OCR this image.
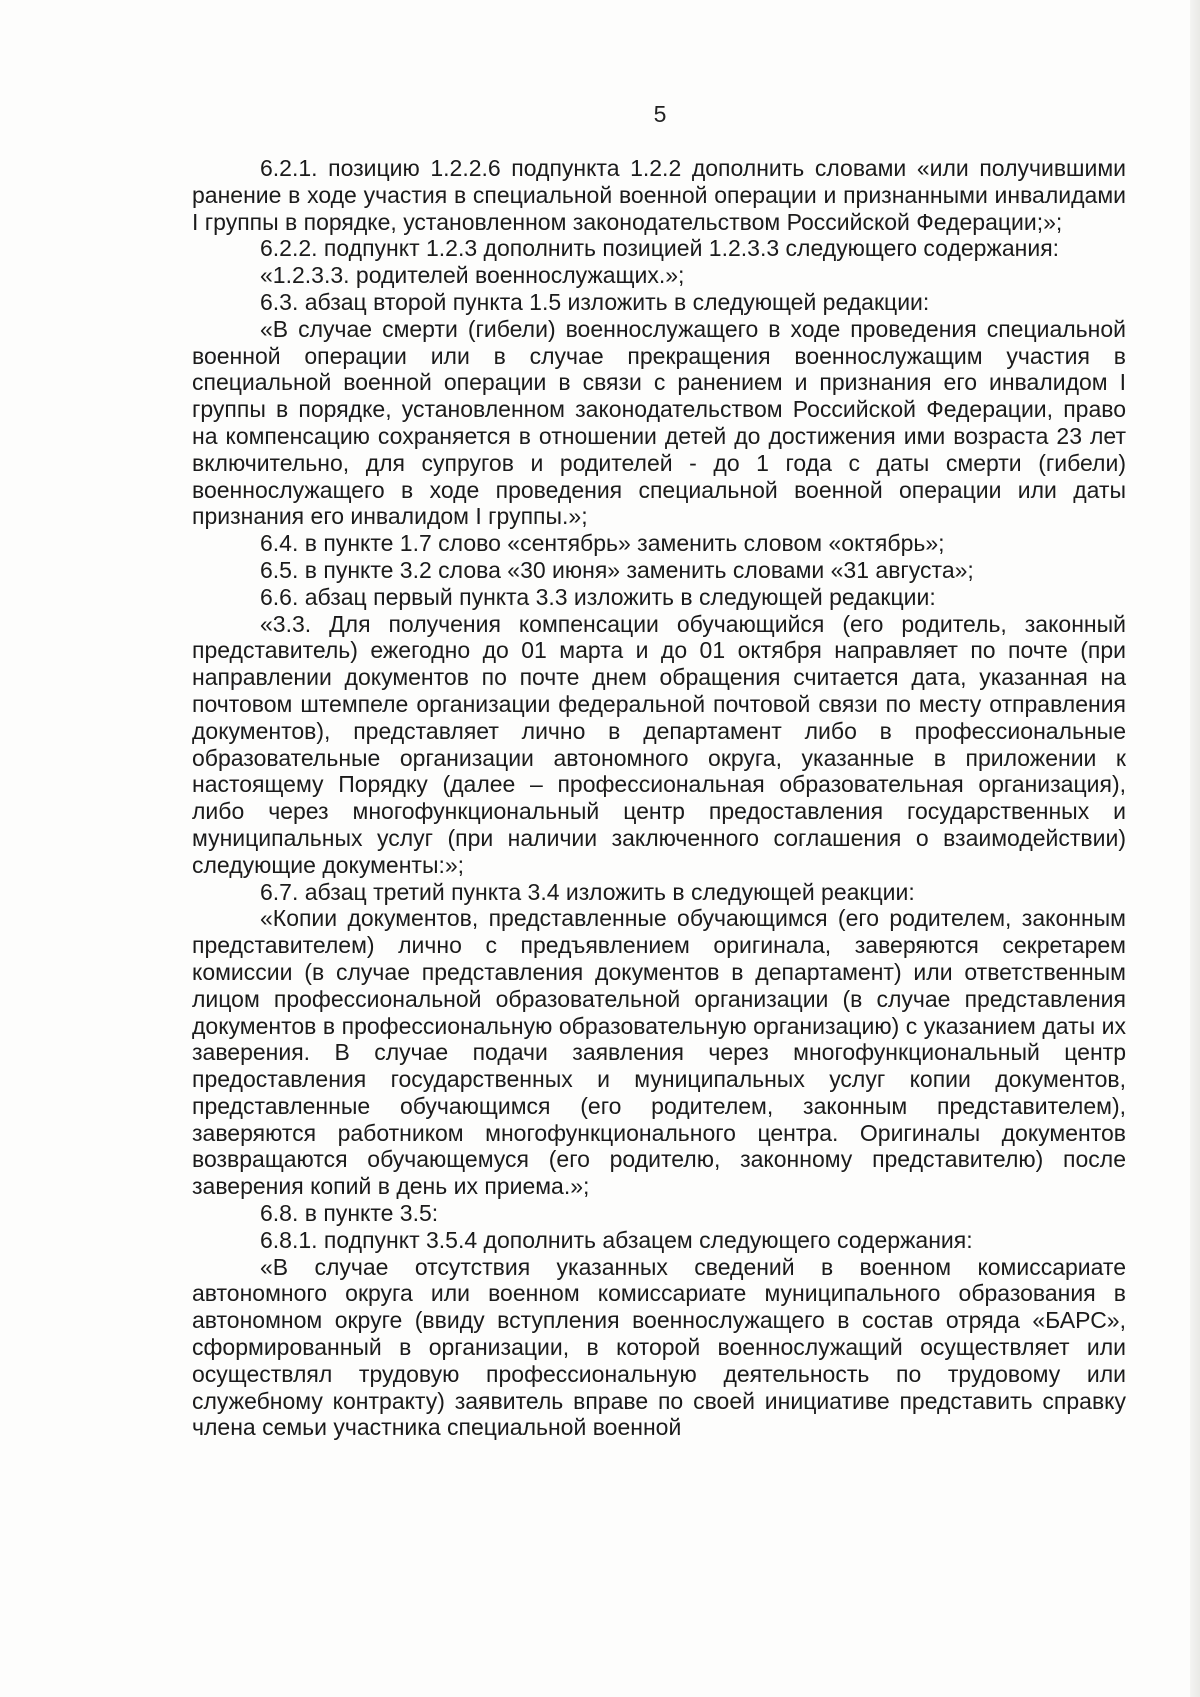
5

6.2.1. позицию 1.2.2.6 подпункта 1.2.2 дополнить словами «или получившими ранение в ходе участия в специальной военной операции и признанными инвалидами I группы в порядке, установленном законодательством Российской Федерации;»;

6.2.2. подпункт 1.2.3 дополнить позицией 1.2.3.3 следующего содержания:

«1.2.3.3. родителей военнослужащих.»;

6.3. абзац второй пункта 1.5 изложить в следующей редакции:

«В случае смерти (гибели) военнослужащего в ходе проведения специальной военной операции или в случае прекращения военнослужащим участия в специальной военной операции в связи с ранением и признания его инвалидом I группы в порядке, установленном законодательством Российской Федерации, право на компенсацию сохраняется в отношении детей до достижения ими возраста 23 лет включительно, для супругов и родителей - до 1 года с даты смерти (гибели) военнослужащего в ходе проведения специальной военной операции или даты признания его инвалидом I группы.»;

6.4. в пункте 1.7 слово «сентябрь» заменить словом «октябрь»;

6.5. в пункте 3.2 слова «30 июня» заменить словами «31 августа»;

6.6. абзац первый пункта 3.3 изложить в следующей редакции:

«3.3. Для получения компенсации обучающийся (его родитель, законный представитель) ежегодно до 01 марта и до 01 октября направляет по почте (при направлении документов по почте днем обращения считается дата, указанная на почтовом штемпеле организации федеральной почтовой связи по месту отправления документов), представляет лично в департамент либо в профессиональные образовательные организации автономного округа, указанные в приложении к настоящему Порядку (далее – профессиональная образовательная организация), либо через многофункциональный центр предоставления государственных и муниципальных услуг (при наличии заключенного соглашения о взаимодействии) следующие документы:»;

6.7. абзац третий пункта 3.4 изложить в следующей реакции:

«Копии документов, представленные обучающимся (его родителем, законным представителем) лично с предъявлением оригинала, заверяются секретарем комиссии (в случае представления документов в департамент) или ответственным лицом профессиональной образовательной организации (в случае представления документов в профессиональную образовательную организацию) с указанием даты их заверения. В случае подачи заявления через многофункциональный центр предоставления государственных и муниципальных услуг копии документов, представленные обучающимся (его родителем, законным представителем), заверяются работником многофункционального центра. Оригиналы документов возвращаются обучающемуся (его родителю, законному представителю) после заверения копий в день их приема.»;

6.8. в пункте 3.5:

6.8.1. подпункт 3.5.4 дополнить абзацем следующего содержания:

«В случае отсутствия указанных сведений в военном комиссариате автономного округа или военном комиссариате муниципального образования в автономном округе (ввиду вступления военнослужащего в состав отряда «БАРС», сформированный в организации, в которой военнослужащий осуществляет или осуществлял трудовую профессиональную деятельность по трудовому или служебному контракту) заявитель вправе по своей инициативе представить справку члена семьи участника специальной военной
